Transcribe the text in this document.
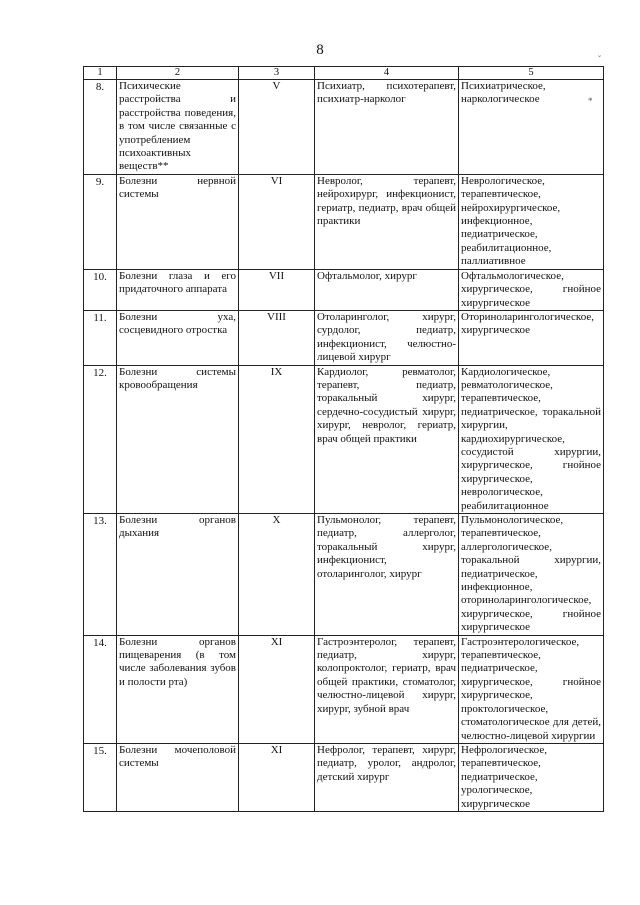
8
˘
*
1	2	3	4	5
8.	Психические расстройства и расстройства поведения, в том числе связанные с употреблением психоактивных веществ**	V	Психиатр, психотерапевт, психиатр-нарколог	Психиатрическое, наркологическое
9.	Болезни нервной системы	VI	Невролог, терапевт, нейрохирург, инфекционист, гериатр, педиатр, врач общей практики	Неврологическое, терапевтическое, нейрохирургическое, инфекционное, педиатрическое, реабилитационное, паллиативное
10.	Болезни глаза и его придаточного аппарата	VII	Офтальмолог, хирург	Офтальмологическое, хирургическое, гнойное хирургическое
11.	Болезни уха, сосцевидного отростка	VIII	Отоларинголог, хирург, сурдолог, педиатр, инфекционист, челюстно-лицевой хирург	Оториноларингологическое, хирургическое
12.	Болезни системы кровообращения	IX	Кардиолог, ревматолог, терапевт, педиатр, торакальный хирург, сердечно-сосудистый хирург, хирург, невролог, гериатр, врач общей практики	Кардиологическое, ревматологическое, терапевтическое, педиатрическое, торакальной хирургии, кардиохирургическое, сосудистой хирургии, хирургическое, гнойное хирургическое, неврологическое, реабилитационное
13.	Болезни органов дыхания	X	Пульмонолог, терапевт, педиатр, аллерголог, торакальный хирург, инфекционист, отоларинголог, хирург	Пульмонологическое, терапевтическое, аллергологическое, торакальной хирургии, педиатрическое, инфекционное, оториноларингологическое, хирургическое, гнойное хирургическое
14.	Болезни органов пищеварения (в том числе заболевания зубов и полости рта)	XI	Гастроэнтеролог, терапевт, педиатр, хирург, колопроктолог, гериатр, врач общей практики, стоматолог, челюстно-лицевой хирург, хирург, зубной врач	Гастроэнтерологическое, терапевтическое, педиатрическое, хирургическое, гнойное хирургическое, проктологическое, стоматологическое для детей, челюстно-лицевой хирургии
15.	Болезни мочеполовой системы	XI	Нефролог, терапевт, хирург, педиатр, уролог, андролог, детский хирург	Нефрологическое, терапевтическое, педиатрическое, урологическое, хирургическое
